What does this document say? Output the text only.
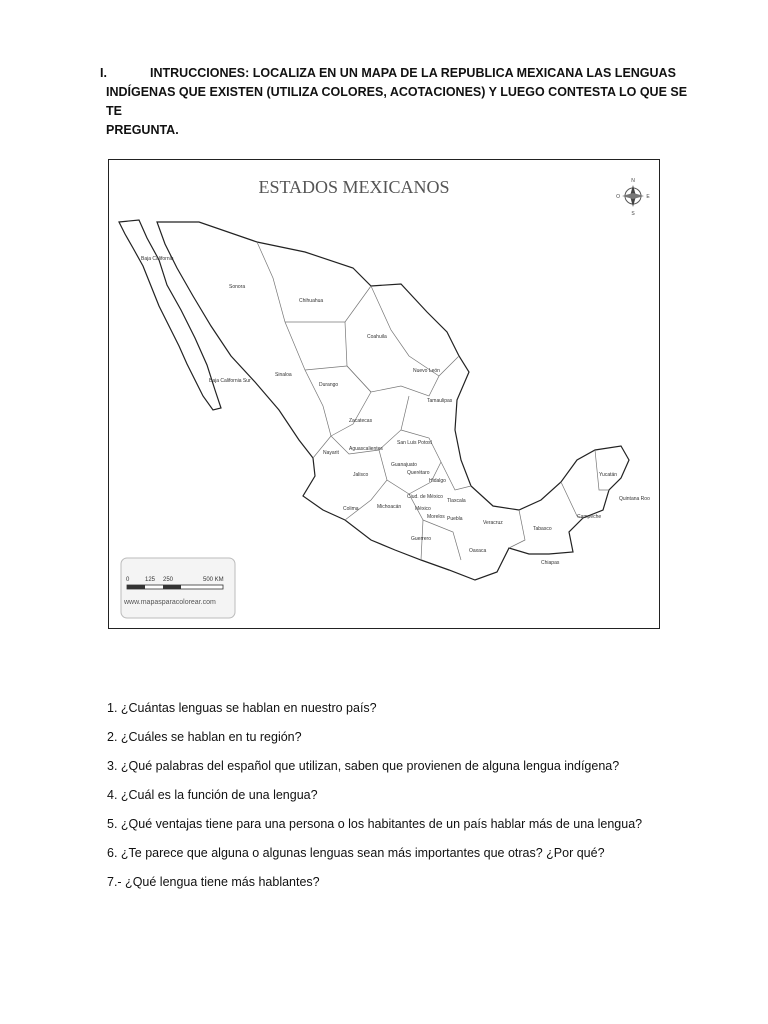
I.	INTRUCCIONES: LOCALIZA EN UN MAPA DE LA REPUBLICA MEXICANA LAS LENGUAS
INDÍGENAS QUE EXISTEN (UTILIZA COLORES, ACOTACIONES) Y LUEGO CONTESTA LO QUE SE TE
PREGUNTA.
ESTADOS MEXICANOS	N
E
S
O
Baja California
Sonora
Chihuahua
Coahuila
Nuevo León
Tamaulipas
Baja California Sur
Sinaloa
Durango
Zacatecas
San Luis Potosí
Nayarit
Aguascalientes
Guanajuato
Querétaro
Hidalgo
Jalisco
Ciud. de México
Tlaxcala
Colima	Michoacán	México
Morelos Puebla
Veracruz
Guerrero
Oaxaca
Tabasco
Chiapas
Campeche
Yucatán
Quintana Roo
0	125 250	500 KM
www.mapasparacolorear.com
1. ¿Cuántas lenguas se hablan en nuestro país?
2. ¿Cuáles se hablan en tu región?
3. ¿Qué palabras del español que utilizan, saben que provienen de alguna lengua indígena?
4. ¿Cuál es la función de una lengua?
5. ¿Qué ventajas tiene para una persona o los habitantes de un país hablar más de una lengua?
6. ¿Te parece que alguna o algunas lenguas sean más importantes que otras? ¿Por qué?
7.- ¿Qué lengua tiene más hablantes?
